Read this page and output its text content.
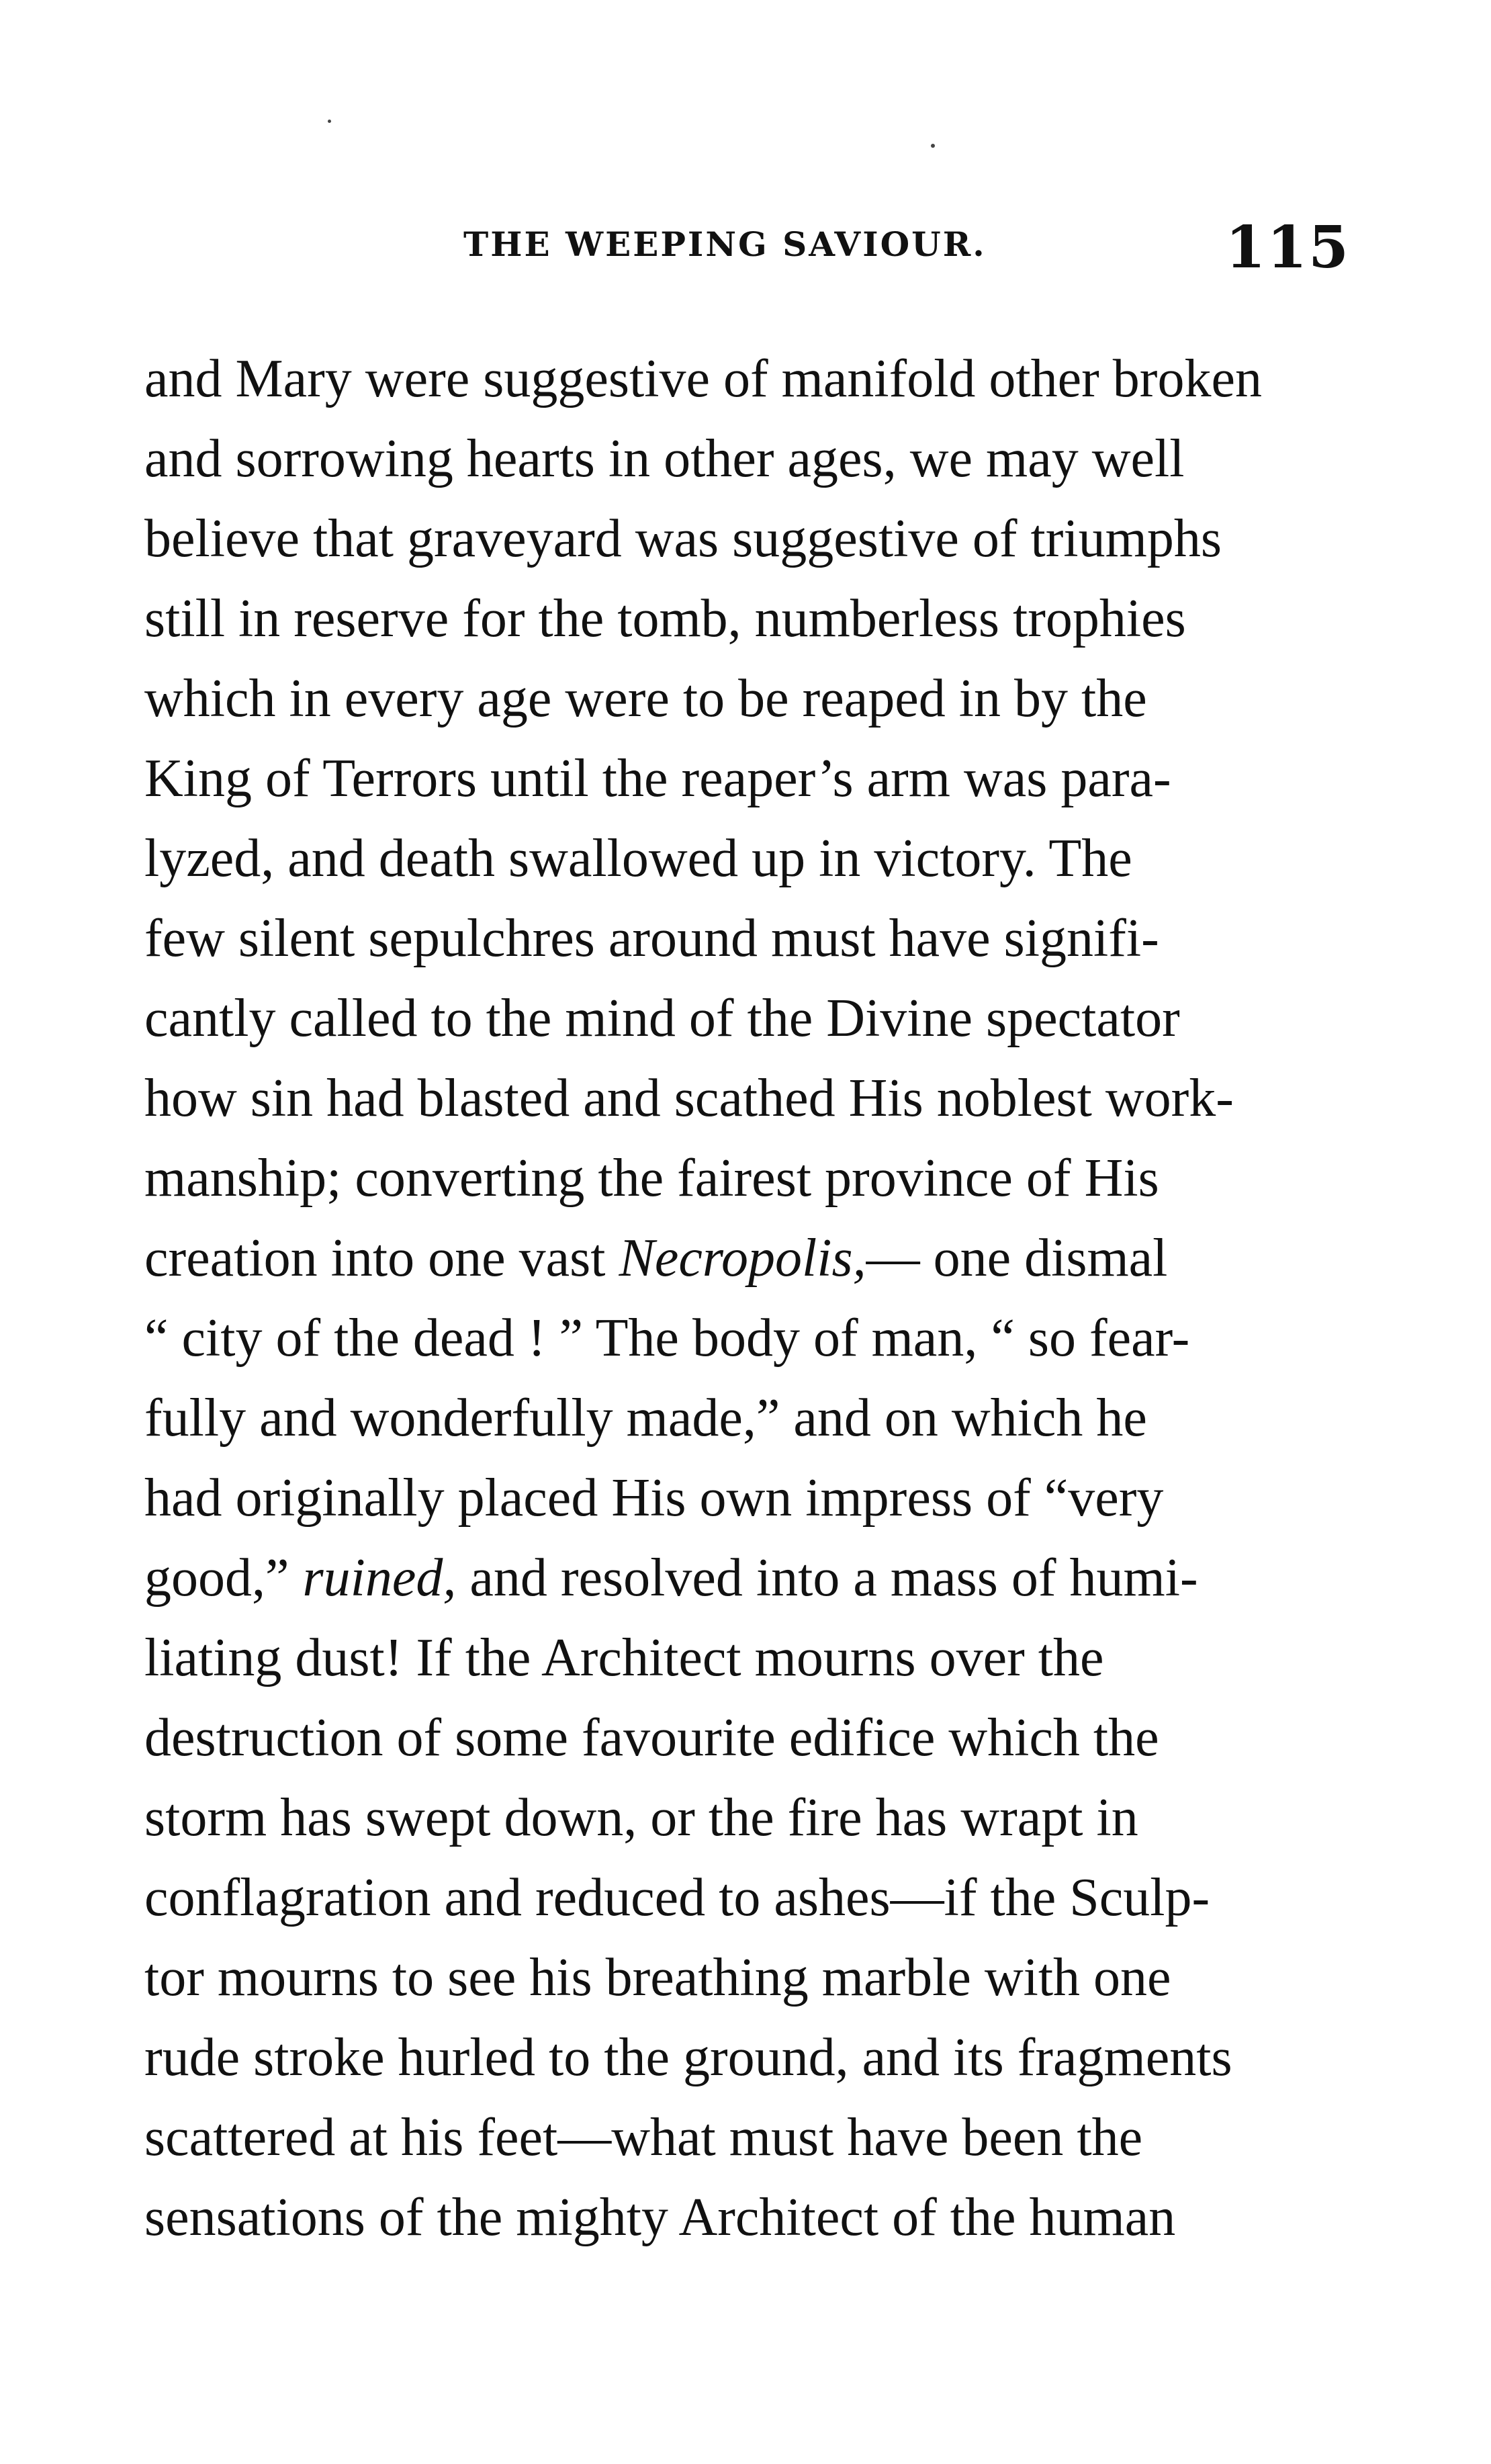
THE WEEPING SAVIOUR.	115
and Mary were suggestive of manifold other broken
and sorrowing hearts in other ages, we may well
believe that graveyard was suggestive of triumphs
still in reserve for the tomb, numberless trophies
which in every age were to be reaped in by the
King of Terrors until the reaper’s arm was para-
lyzed, and death swallowed up in victory. The
few silent sepulchres around must have signifi-
cantly called to the mind of the Divine spectator
how sin had blasted and scathed His noblest work-
manship; converting the fairest province of His
creation into one vast Necropolis,— one dismal
“ city of the dead ! ” The body of man, “ so fear-
fully and wonderfully made,” and on which he
had originally placed His own impress of “very
good,” ruined, and resolved into a mass of humi-
liating dust! If the Architect mourns over the
destruction of some favourite edifice which the
storm has swept down, or the fire has wrapt in
conflagration and reduced to ashes—if the Sculp-
tor mourns to see his breathing marble with one
rude stroke hurled to the ground, and its fragments
scattered at his feet—what must have been the
sensations of the mighty Architect of the human
